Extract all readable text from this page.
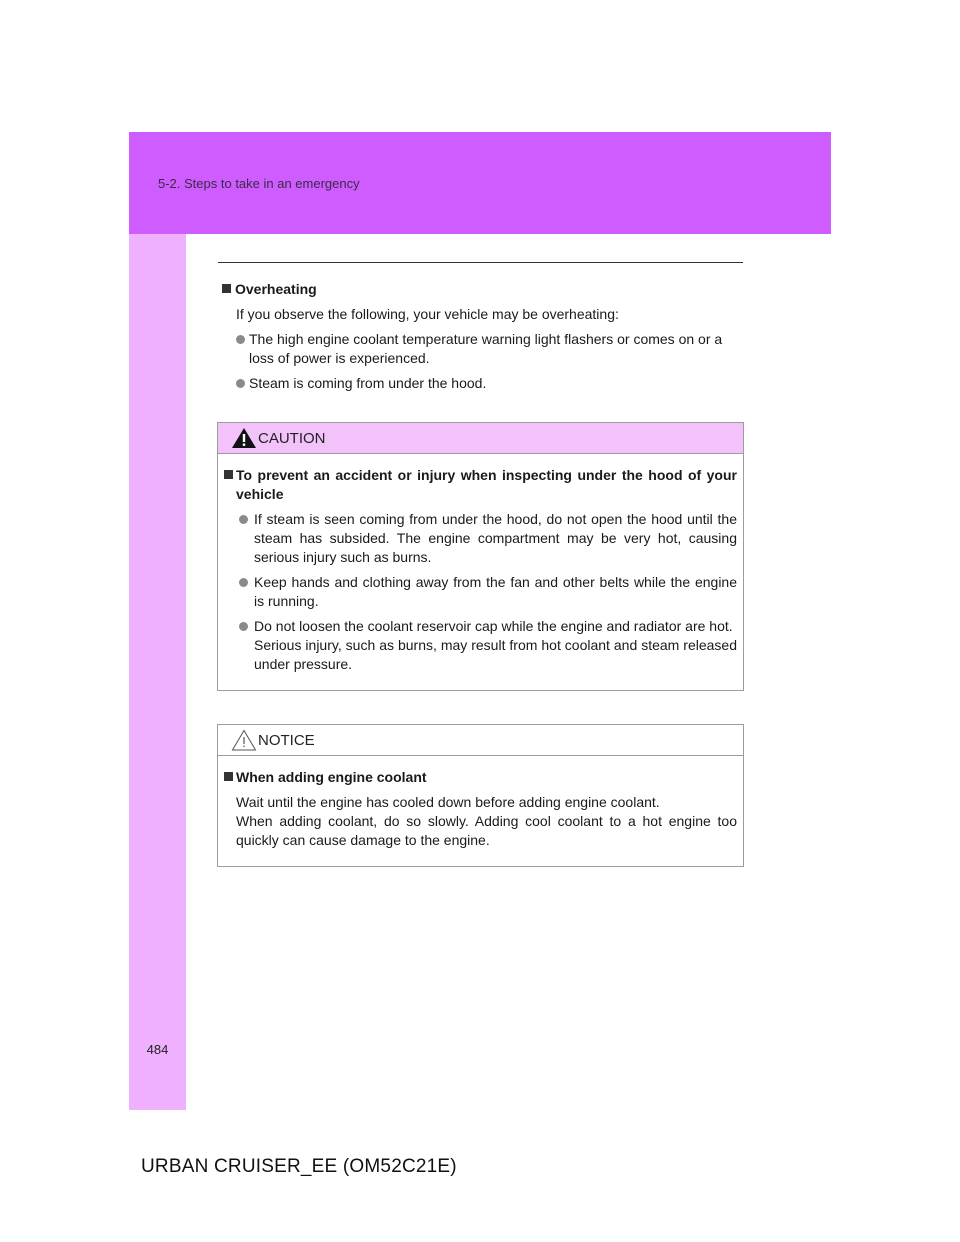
5-2. Steps to take in an emergency
484
Overheating
If you observe the following, your vehicle may be overheating:
The high engine coolant temperature warning light flashers or comes on or a loss of power is experienced.
Steam is coming from under the hood.
CAUTION
To prevent an accident or injury when inspecting under the hood of your vehicle
If steam is seen coming from under the hood, do not open the hood until the steam has subsided. The engine compartment may be very hot, causing serious injury such as burns.
Keep hands and clothing away from the fan and other belts while the engine is running.
Do not loosen the coolant reservoir cap while the engine and radiator are hot.
Serious injury, such as burns, may result from hot coolant and steam released under pressure.
NOTICE
When adding engine coolant
Wait until the engine has cooled down before adding engine coolant.
When adding coolant, do so slowly. Adding cool coolant to a hot engine too quickly can cause damage to the engine.
URBAN CRUISER_EE (OM52C21E)
